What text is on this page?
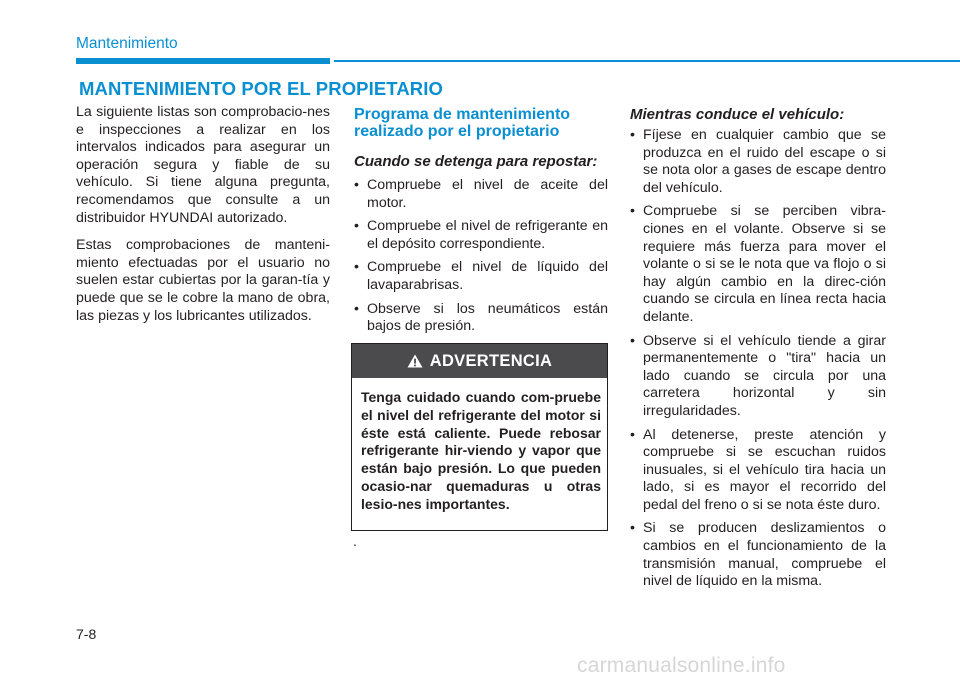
Mantenimiento
MANTENIMIENTO POR EL PROPIETARIO

La siguiente listas son comprobacio-nes e inspecciones a realizar en los intervalos indicados para asegurar un operación segura y fiable de su vehículo. Si tiene alguna pregunta, recomendamos que consulte a un distribuidor HYUNDAI autorizado.

Estas comprobaciones de manteni-miento efectuadas por el usuario no suelen estar cubiertas por la garan-tía y puede que se le cobre la mano de obra, las piezas y los lubricantes utilizados.

Programa de mantenimiento realizado por el propietario
Cuando se detenga para repostar:
• Compruebe el nivel de aceite del motor.
• Compruebe el nivel de refrigerante en el depósito correspondiente.
• Compruebe el nivel de líquido del lavaparabrisas.
• Observe si los neumáticos están bajos de presión.
ADVERTENCIA
Tenga cuidado cuando com-pruebe el nivel del refrigerante del motor si éste está caliente. Puede rebosar refrigerante hir-viendo y vapor que están bajo presión. Lo que pueden ocasio-nar quemaduras u otras lesio-nes importantes.
.
Mientras conduce el vehículo:
• Fíjese en cualquier cambio que se produzca en el ruido del escape o si se nota olor a gases de escape dentro del vehículo.
• Compruebe si se perciben vibra-ciones en el volante. Observe si se requiere más fuerza para mover el volante o si se le nota que va flojo o si hay algún cambio en la direc-ción cuando se circula en línea recta hacia delante.
• Observe si el vehículo tiende a girar permanentemente o "tira" hacia un lado cuando se circula por una carretera horizontal y sin irregularidades.
• Al detenerse, preste atención y compruebe si se escuchan ruidos inusuales, si el vehículo tira hacia un lado, si es mayor el recorrido del pedal del freno o si se nota éste duro.
• Si se producen deslizamientos o cambios en el funcionamiento de la transmisión manual, compruebe el nivel de líquido en la misma.
7-8
carmanualsonline.info
